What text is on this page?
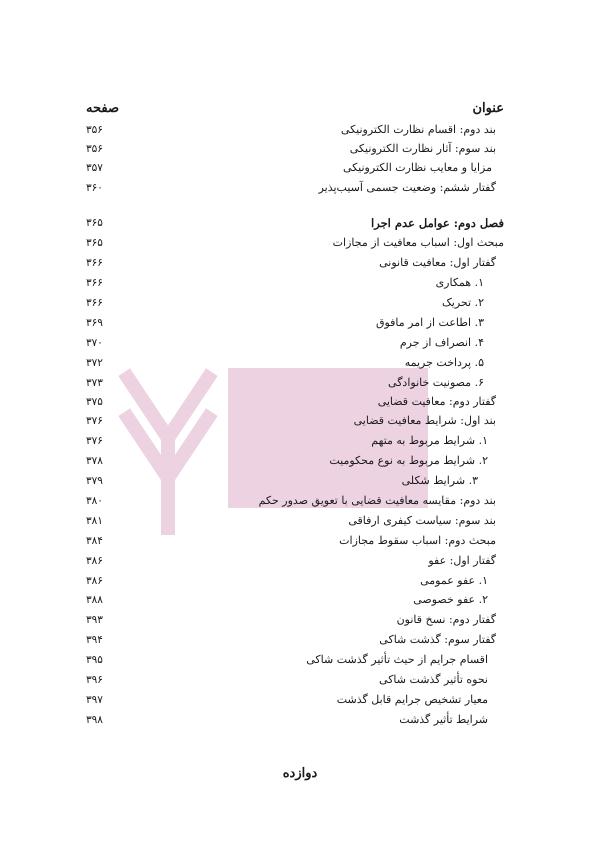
صفحه	عنوان
۳۵۶	بند دوم: اقسام نظارت الکترونیکی
۳۵۶	بند سوم: آثار نظارت الکترونیکی
۳۵۷	مزایا و معایب نظارت الکترونیکی
۳۶۰	گفتار ششم: وضعیت جسمی آسیب‌پذیر
۳۶۵	فصل دوم: عوامل عدم اجرا
۳۶۵	مبحث اول: اسباب معافیت از مجازات
۳۶۶	گفتار اول: معافیت قانونی
۳۶۶	۱. همکاری
۳۶۶	۲. تحریک
۳۶۹	۳. اطاعت از امر مافوق
۳۷۰	۴. انصراف از جرم
۳۷۲	۵. پرداخت جریمه
۳۷۳	۶. مصونیت خانوادگی
۳۷۵	گفتار دوم: معافیت قضایی
۳۷۶	بند اول: شرایط معافیت قضایی
۳۷۶	۱. شرایط مربوط به متهم
۳۷۸	۲. شرایط مربوط به نوع محکومیت
۳۷۹	۳. شرایط شکلی
۳۸۰	بند دوم: مقایسه معافیت قضایی با تعویق صدور حکم
۳۸۱	بند سوم: سیاست کیفری ارفاقی
۳۸۴	مبحث دوم: اسباب سقوط مجازات
۳۸۶	گفتار اول: عفو
۳۸۶	۱. عفو عمومی
۳۸۸	۲. عفو خصوصی
۳۹۳	گفتار دوم: نسخ قانون
۳۹۴	گفتار سوم: گذشت شاکی
۳۹۵	اقسام جرایم از حیث تأثیر گذشت شاکی
۳۹۶	نحوه تأثیر گذشت شاکی
۳۹۷	معیار تشخیص جرایم قابل گذشت
۳۹۸	شرایط تأثیر گذشت
دوازده
